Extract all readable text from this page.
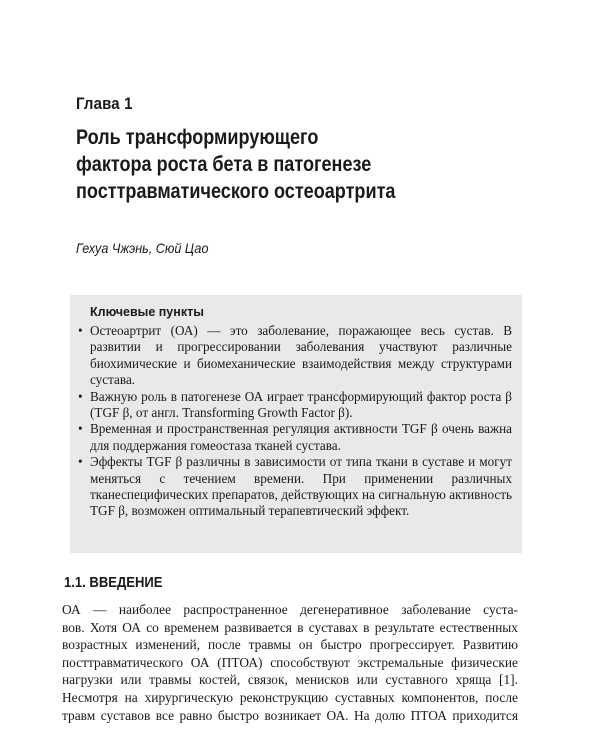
Глава 1
Роль трансформирующего
фактора роста бета в патогенезе
посттравматического остеоартрита
Гехуа Чжэнь, Сюй Цао
Ключевые пункты
• Остеоартрит (ОА) — это заболевание, поражающее весь сустав. В развитии и прогрессировании заболевания участвуют различные биохимические и биомеханические взаимодействия между структурами сустава.
• Важную роль в патогенезе ОА играет трансформирующий фактор роста β (TGF β, от англ. Transforming Growth Factor β).
• Временная и пространственная регуляция активности TGF β очень важна для поддержания гомеостаза тканей сустава.
• Эффекты TGF β различны в зависимости от типа ткани в суставе и могут меняться с течением времени. При применении различных тканеспецифических препаратов, действующих на сигнальную активность TGF β, возможен оптимальный терапевтический эффект.
1.1. ВВЕДЕНИЕ
ОА — наиболее распространенное дегенеративное заболевание суста-
вов. Хотя ОА со временем развивается в суставах в результате естественных
возрастных изменений, после травмы он быстро прогрессирует. Развитию
посттравматического ОА (ПТОА) способствуют экстремальные физические
нагрузки или травмы костей, связок, менисков или суставного хряща [1].
Несмотря на хирургическую реконструкцию суставных компонентов, после
травм суставов все равно быстро возникает ОА. На долю ПТОА приходится
